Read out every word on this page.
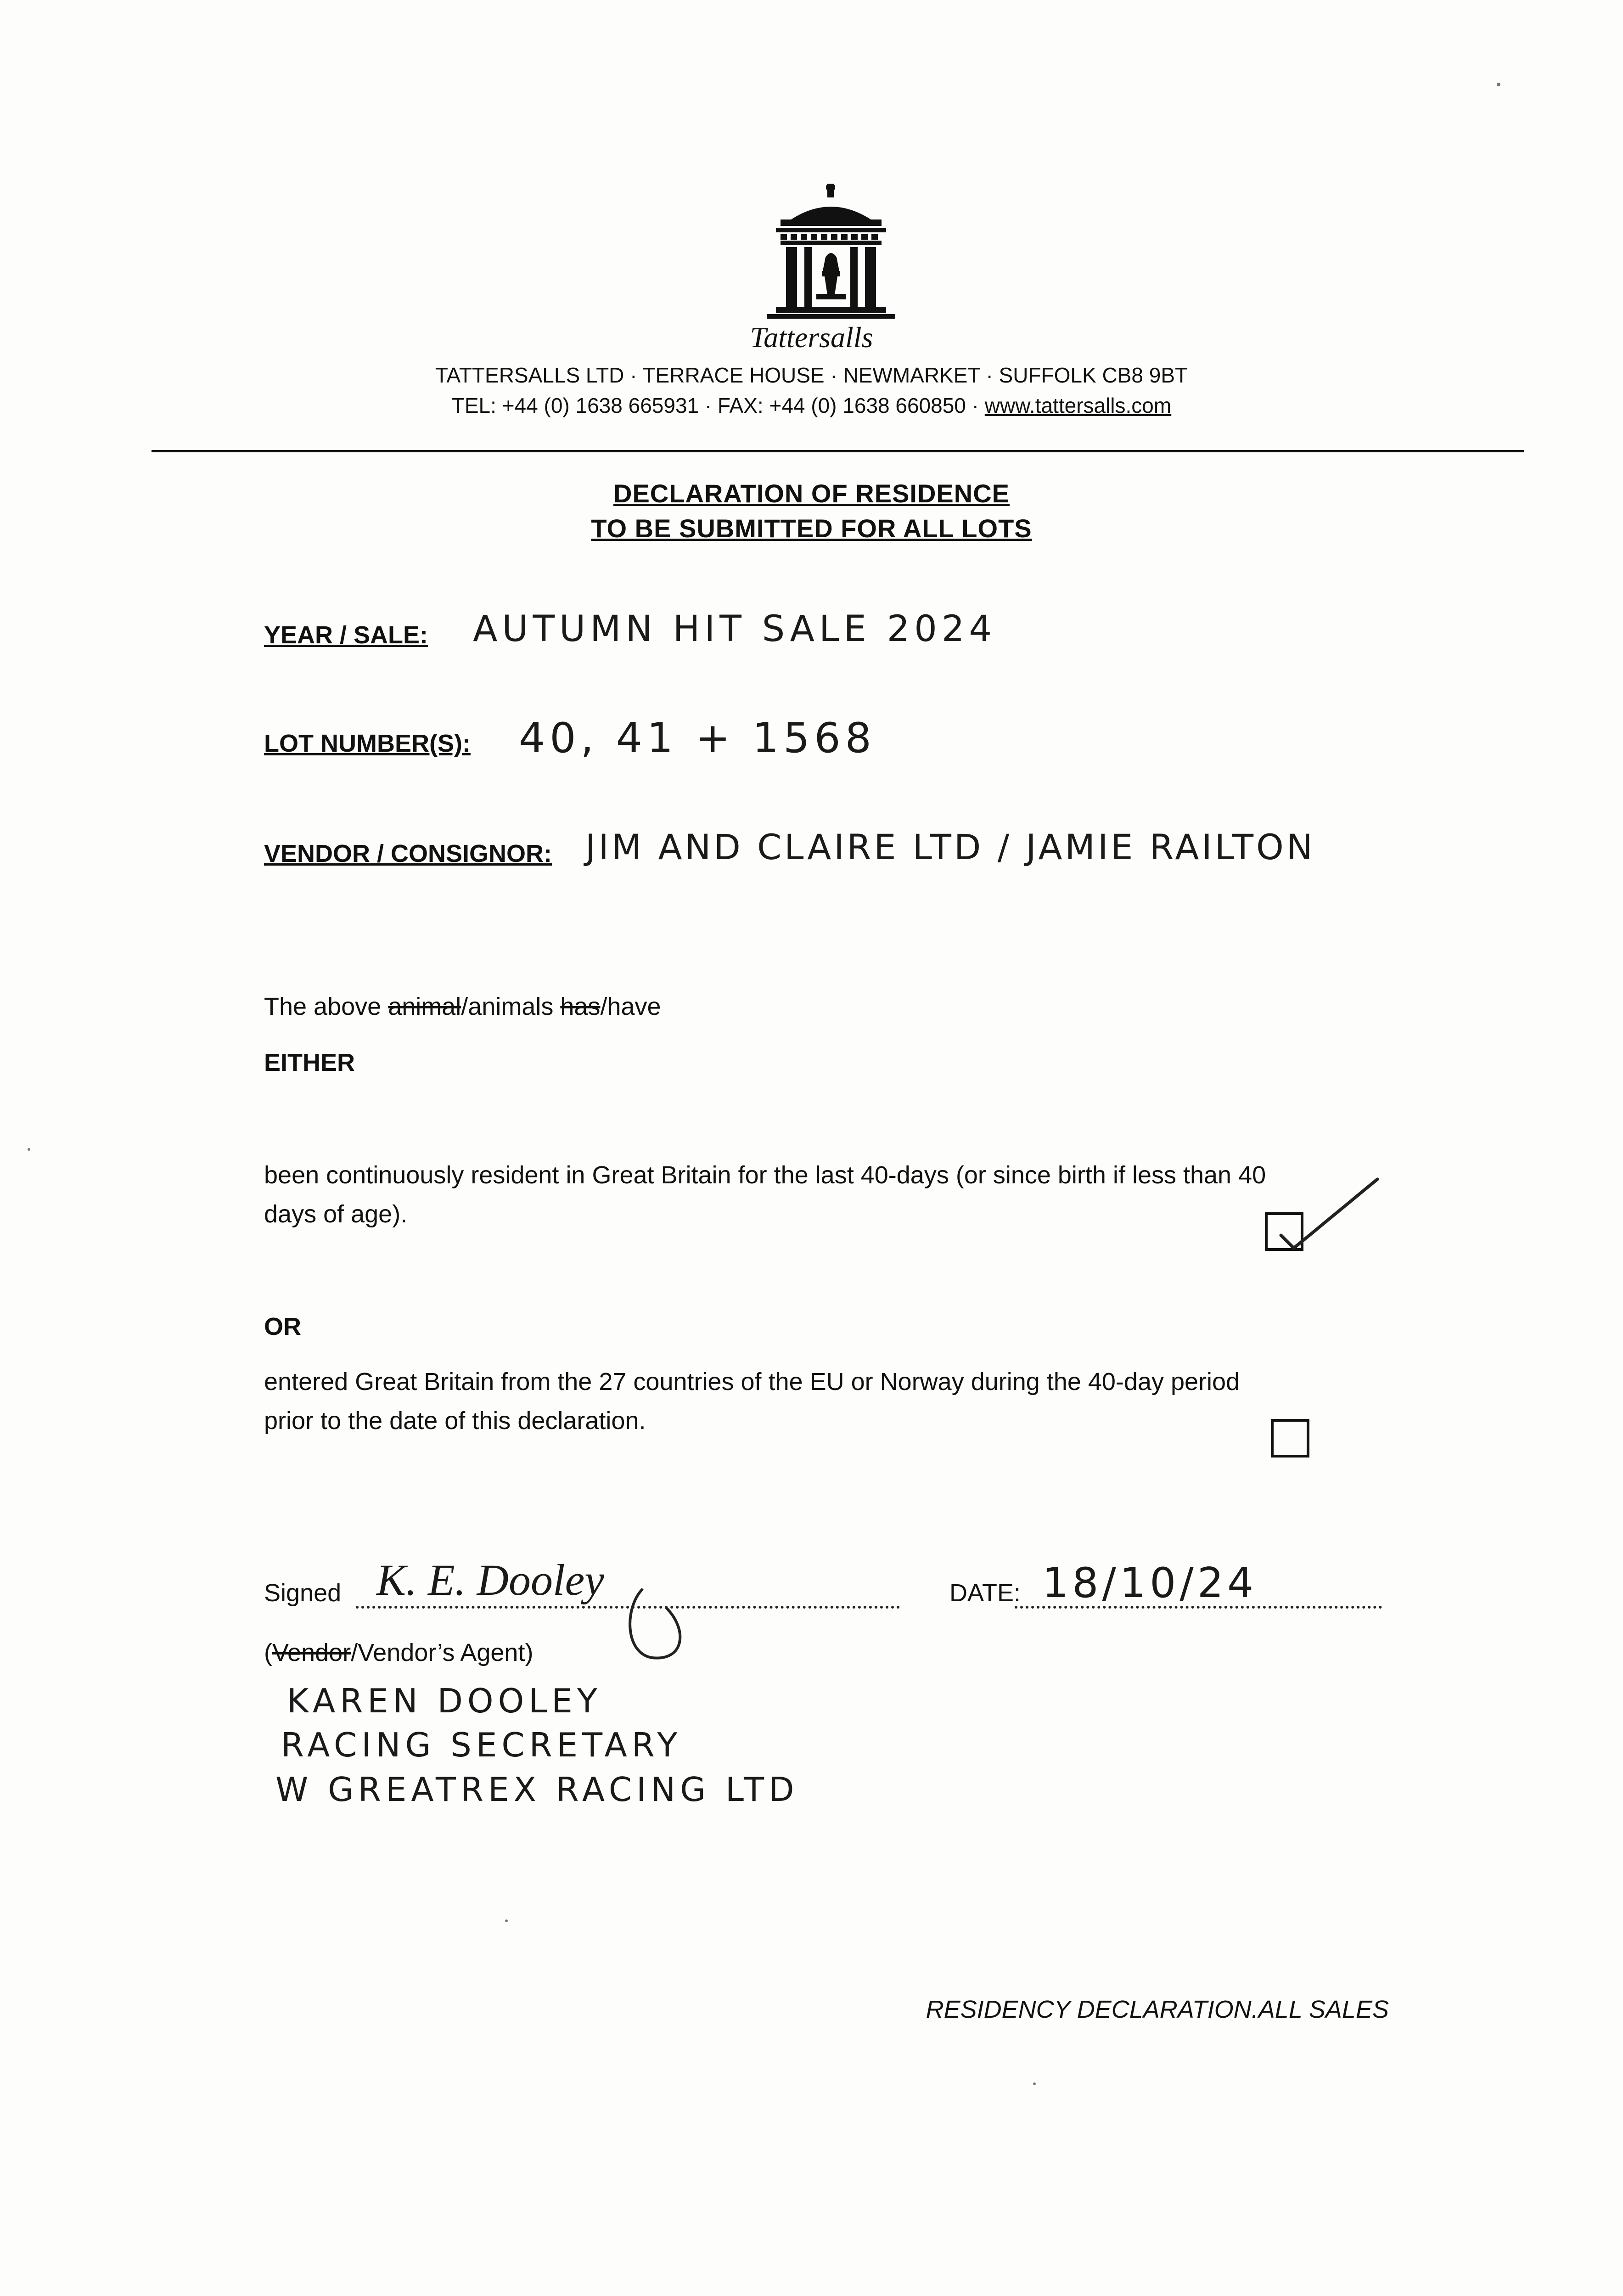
Tattersalls
TATTERSALLS LTD · TERRACE HOUSE · NEWMARKET · SUFFOLK CB8 9BT
TEL: +44 (0) 1638 665931 · FAX: +44 (0) 1638 660850 · www.tattersalls.com
DECLARATION OF RESIDENCE
TO BE SUBMITTED FOR ALL LOTS
YEAR / SALE: AUTUMN HIT SALE 2024
LOT NUMBER(S): 40, 41 + 1568
VENDOR / CONSIGNOR: JIM AND CLAIRE LTD / JAMIE RAILTON
The above animal/animals has/have
EITHER
been continuously resident in Great Britain for the last 40-days (or since birth if less than 40
days of age).
OR
entered Great Britain from the 27 countries of the EU or Norway during the 40-day period
prior to the date of this declaration.
Signed K. E. Dooley	DATE: 18/10/24
(Vendor/Vendor’s Agent)
KAREN DOOLEY
RACING SECRETARY
W GREATREX RACING LTD
RESIDENCY DECLARATION.ALL SALES
